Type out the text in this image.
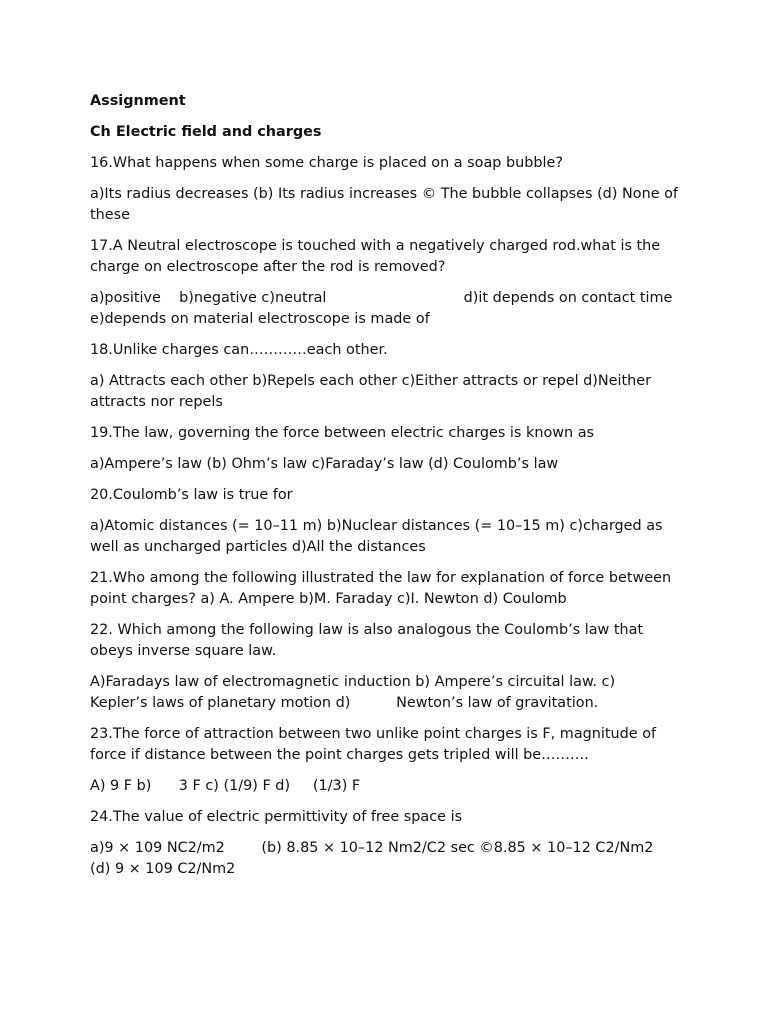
Assignment

Ch Electric field and charges

16.What happens when some charge is placed on a soap bubble?

a)Its radius decreases (b) Its radius increases © The bubble collapses (d) None of these

17.A Neutral electroscope is touched with a negatively charged rod.what is the charge on electroscope after the rod is removed?

a)positive    b)negative c)neutral                              d)it depends on contact time e)depends on material electroscope is made of

18.Unlike charges can…………each other.

a) Attracts each other b)Repels each other c)Either attracts or repel d)Neither attracts nor repels

19.The law, governing the force between electric charges is known as

a)Ampere’s law (b) Ohm’s law c)Faraday’s law (d) Coulomb’s law

20.Coulomb’s law is true for

a)Atomic distances (= 10–11 m) b)Nuclear distances (= 10–15 m) c)charged as well as uncharged particles d)All the distances

21.Who among the following illustrated the law for explanation of force between point charges? a) A. Ampere b)M. Faraday c)I. Newton d) Coulomb

22. Which among the following law is also analogous the Coulomb’s law that obeys inverse square law.

A)Faradays law of electromagnetic induction b) Ampere’s circuital law. c)          Kepler’s laws of planetary motion d)          Newton’s law of gravitation.

23.The force of attraction between two unlike point charges is F, magnitude of force if distance between the point charges gets tripled will be……….

A) 9 F b)      3 F c) (1/9) F d)     (1/3) F

24.The value of electric permittivity of free space is

a)9 × 109 NC2/m2        (b) 8.85 × 10–12 Nm2/C2 sec ©8.85 × 10–12 C2/Nm2      (d) 9 × 109 C2/Nm2
